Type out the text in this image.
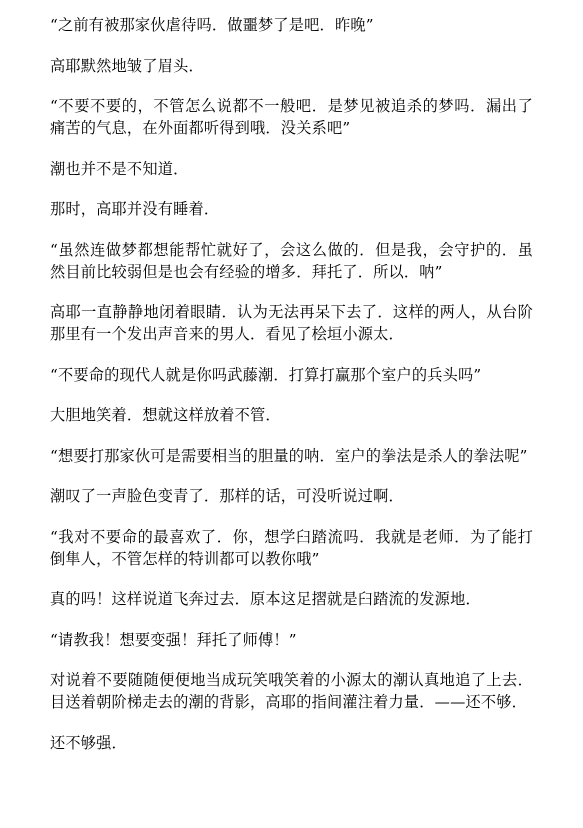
“之前有被那家伙虐待吗．做噩梦了是吧．昨晚”

高耶默然地皱了眉头．

“不要不要的，不管怎么说都不一般吧．是梦见被追杀的梦吗．漏出了痛苦的气息，在外面都听得到哦．没关系吧”

潮也并不是不知道．

那时，高耶并没有睡着．

“虽然连做梦都想能帮忙就好了，会这么做的．但是我，会守护的．虽然目前比较弱但是也会有经验的增多．拜托了．所以．呐”

高耶一直静静地闭着眼睛．认为无法再呆下去了．这样的两人，从台阶那里有一个发出声音来的男人．看见了桧垣小源太．

“不要命的现代人就是你吗武藤潮．打算打赢那个室户的兵头吗”

大胆地笑着．想就这样放着不管．

“想要打那家伙可是需要相当的胆量的呐．室户的拳法是杀人的拳法呢”

潮叹了一声脸色变青了．那样的话，可没听说过啊．

“我对不要命的最喜欢了．你，想学臼踏流吗．我就是老师．为了能打倒隼人，不管怎样的特训都可以教你哦”

真的吗！这样说道飞奔过去．原本这足摺就是臼踏流的发源地．

“请教我！想要变强！拜托了师傅！”

对说着不要随随便便地当成玩笑哦笑着的小源太的潮认真地追了上去．目送着朝阶梯走去的潮的背影，高耶的指间灌注着力量．——还不够．

还不够强．
